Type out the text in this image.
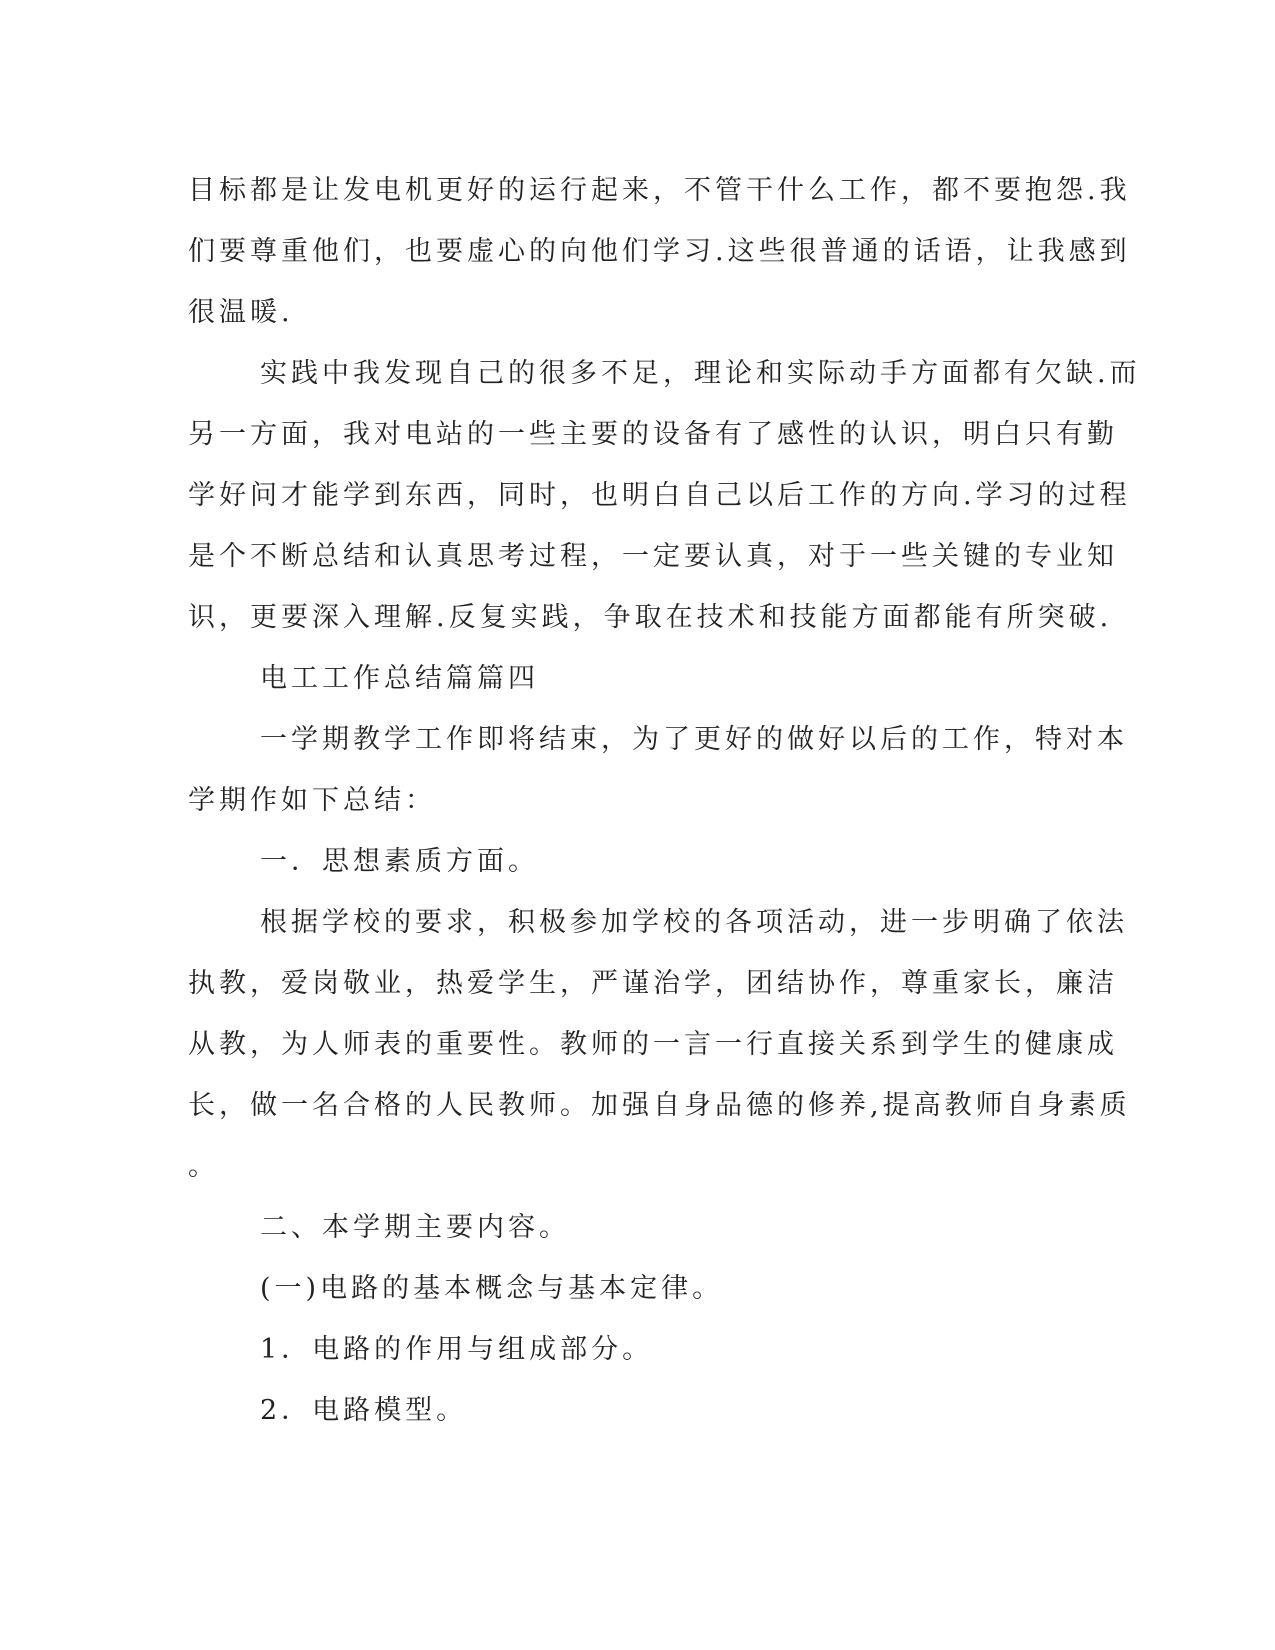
目标都是让发电机更好的运行起来，不管干什么工作，都不要抱怨.我
们要尊重他们，也要虚心的向他们学习.这些很普通的话语，让我感到
很温暖.
实践中我发现自己的很多不足，理论和实际动手方面都有欠缺.而
另一方面，我对电站的一些主要的设备有了感性的认识，明白只有勤
学好问才能学到东西，同时，也明白自己以后工作的方向.学习的过程
是个不断总结和认真思考过程，一定要认真，对于一些关键的专业知
识，更要深入理解.反复实践，争取在技术和技能方面都能有所突破.
电工工作总结篇篇四
一学期教学工作即将结束，为了更好的做好以后的工作，特对本
学期作如下总结：
一．思想素质方面。
根据学校的要求，积极参加学校的各项活动，进一步明确了依法
执教，爱岗敬业，热爱学生，严谨治学，团结协作，尊重家长，廉洁
从教，为人师表的重要性。教师的一言一行直接关系到学生的健康成
长，做一名合格的人民教师。加强自身品德的修养,提高教师自身素质
。
二、本学期主要内容。
(一)电路的基本概念与基本定律。
1．电路的作用与组成部分。
2．电路模型。
